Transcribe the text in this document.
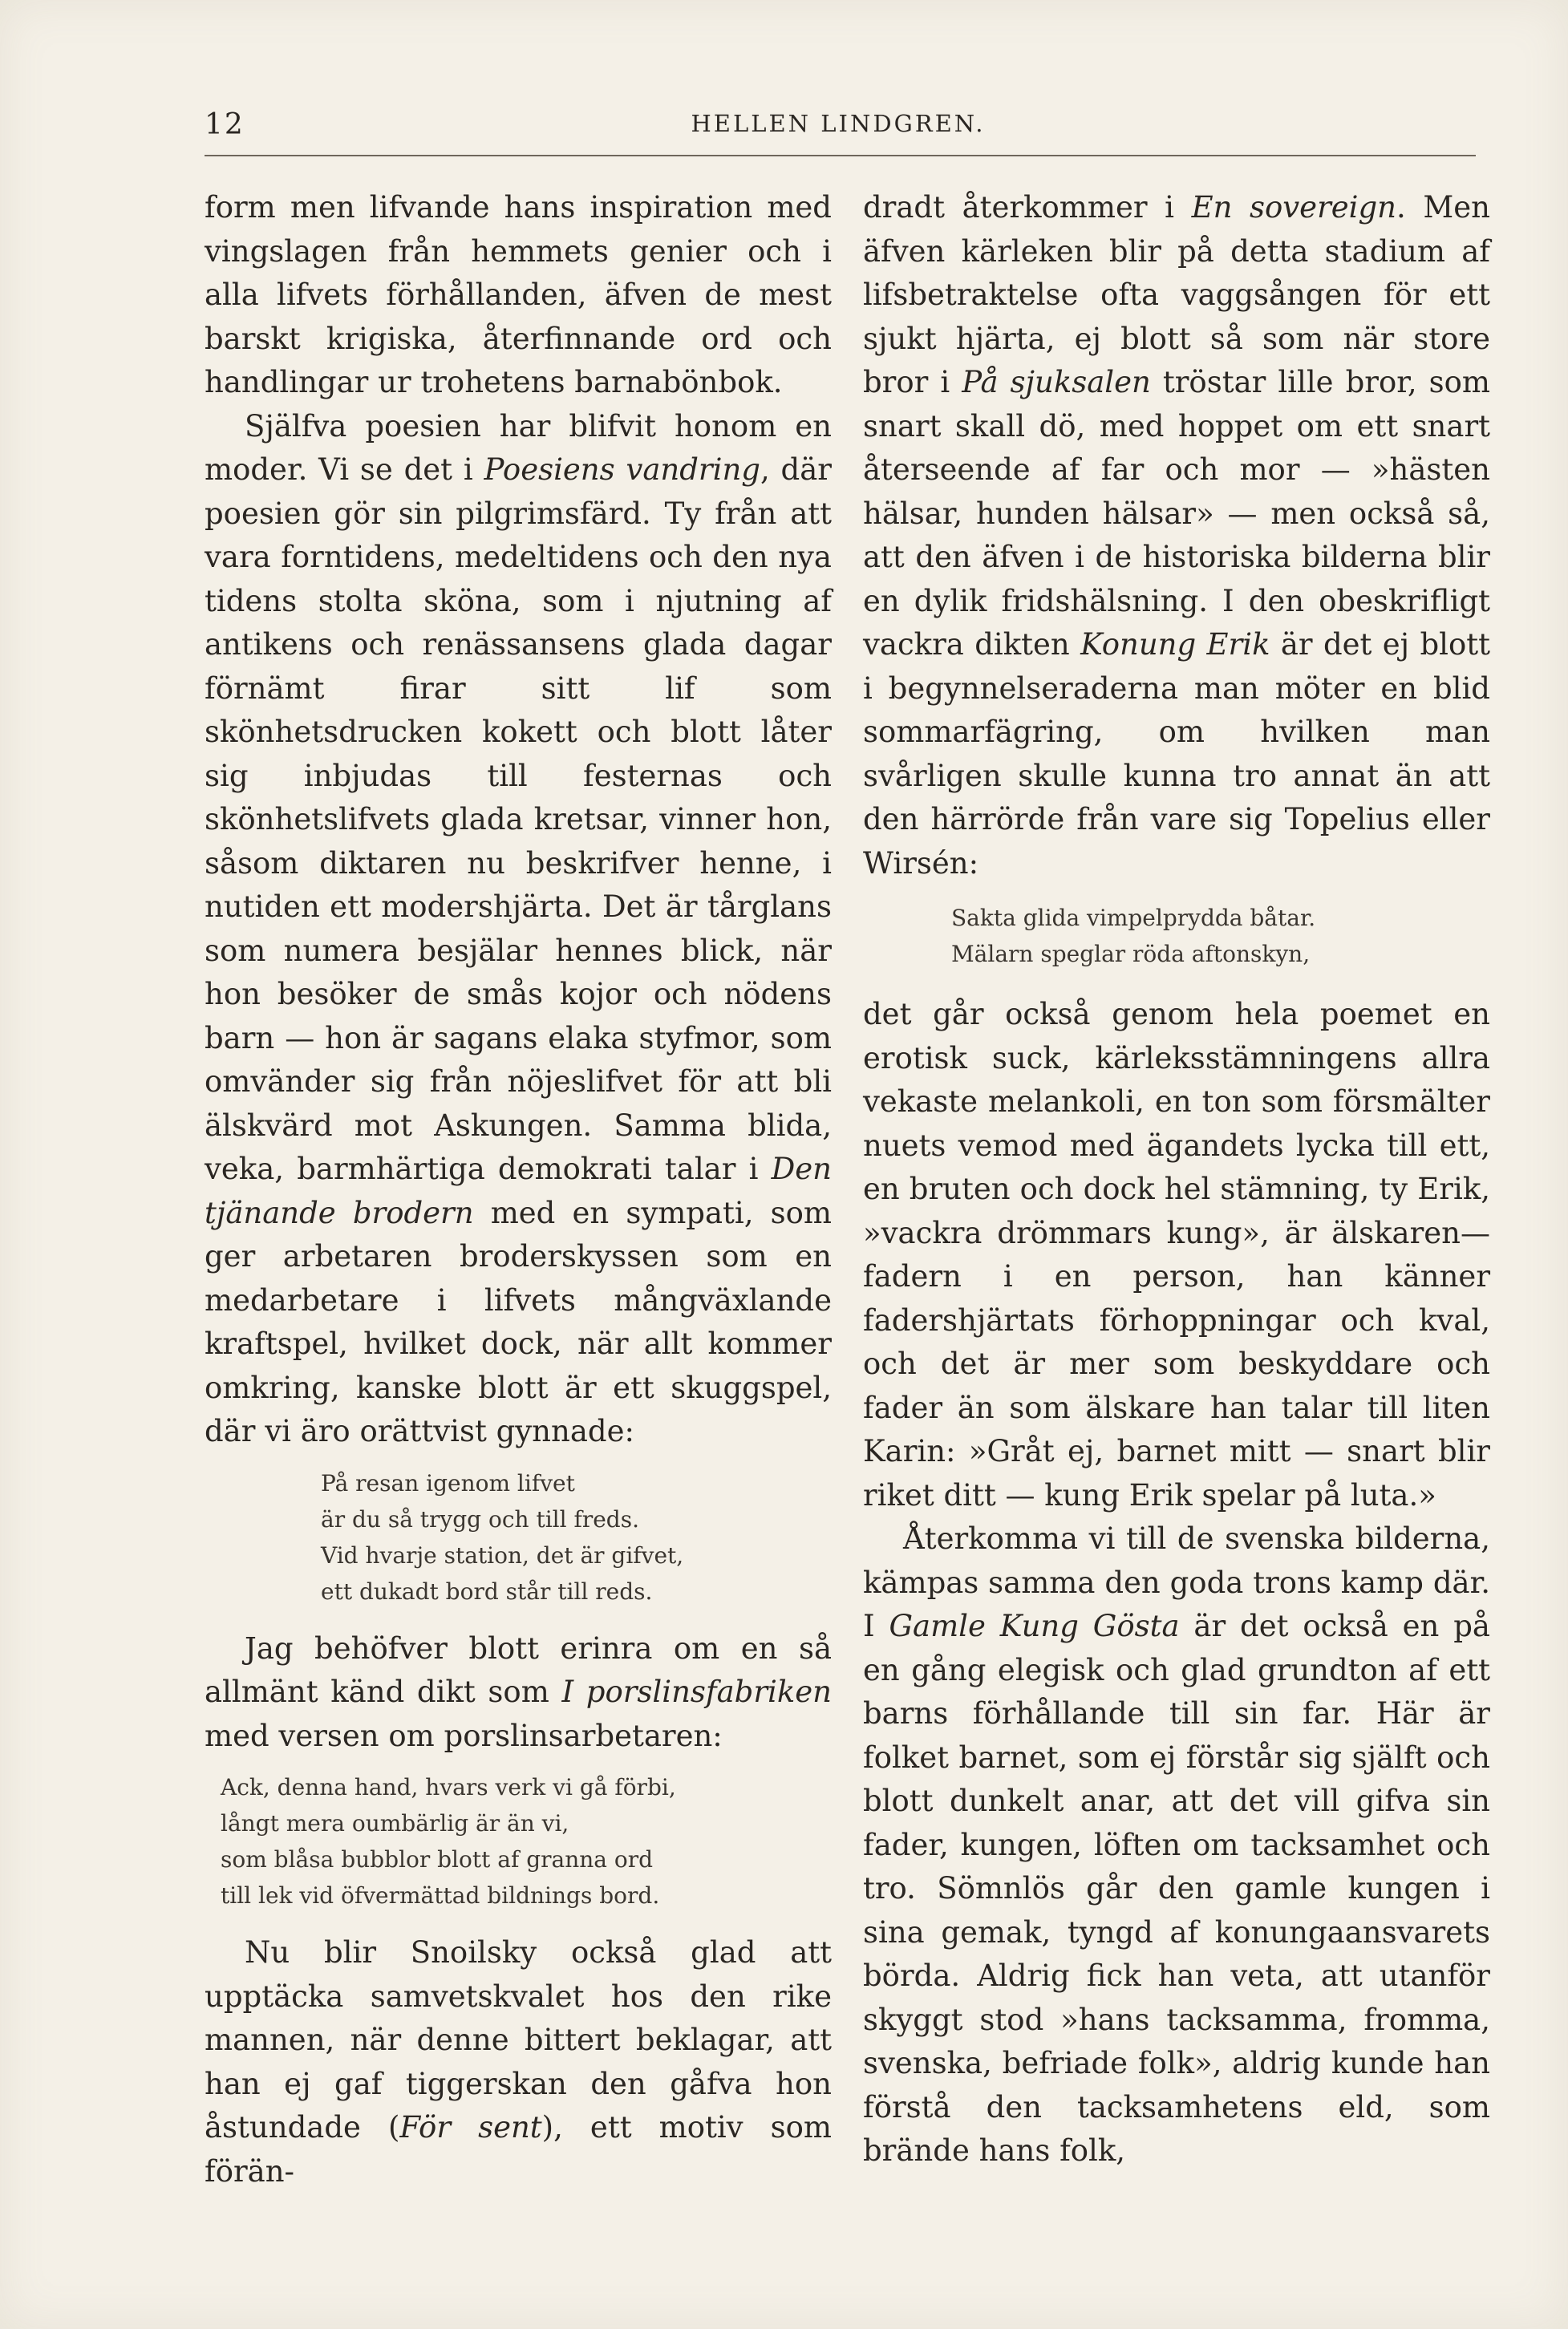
12	HELLEN LINDGREN.

form men lifvande hans inspiration med vingslagen från hemmets genier och i alla lifvets förhållanden, äfven de mest barskt krigiska, återfinnande ord och handlingar ur trohetens barnabönbok.

Själfva poesien har blifvit honom en moder. Vi se det i Poesiens vandring, där poesien gör sin pilgrimsfärd. Ty från att vara forntidens, medeltidens och den nya tidens stolta sköna, som i njutning af antikens och renässansens glada dagar förnämt firar sitt lif som skönhetsdrucken kokett och blott låter sig inbjudas till festernas och skönhetslifvets glada kretsar, vinner hon, såsom diktaren nu beskrifver henne, i nutiden ett modershjärta. Det är tårglans som numera besjälar hennes blick, när hon besöker de smås kojor och nödens barn — hon är sagans elaka styfmor, som omvänder sig från nöjeslifvet för att bli älskvärd mot Askungen. Samma blida, veka, barmhärtiga demokrati talar i Den tjänande brodern med en sympati, som ger arbetaren broderskyssen som en medarbetare i lifvets mångväxlande kraftspel, hvilket dock, när allt kommer omkring, kanske blott är ett skuggspel, där vi äro orättvist gynnade:

På resan igenom lifvet
är du så trygg och till freds.
Vid hvarje station, det är gifvet,
ett dukadt bord står till reds.

Jag behöfver blott erinra om en så allmänt känd dikt som I porslinsfabriken med versen om porslinsarbetaren:

Ack, denna hand, hvars verk vi gå förbi,
långt mera oumbärlig är än vi,
som blåsa bubblor blott af granna ord
till lek vid öfvermättad bildnings bord.

Nu blir Snoilsky också glad att upptäcka samvetskvalet hos den rike mannen, när denne bittert beklagar, att han ej gaf tiggerskan den gåfva hon åstundade (För sent), ett motiv som förän-

dradt återkommer i En sovereign. Men äfven kärleken blir på detta stadium af lifsbetraktelse ofta vaggsången för ett sjukt hjärta, ej blott så som när store bror i På sjuksalen tröstar lille bror, som snart skall dö, med hoppet om ett snart återseende af far och mor — »hästen hälsar, hunden hälsar» — men också så, att den äfven i de historiska bilderna blir en dylik fridshälsning. I den obeskrifligt vackra dikten Konung Erik är det ej blott i begynnelseraderna man möter en blid sommarfägring, om hvilken man svårligen skulle kunna tro annat än att den härrörde från vare sig Topelius eller Wirsén:

Sakta glida vimpelprydda båtar.
Mälarn speglar röda aftonskyn,

det går också genom hela poemet en erotisk suck, kärleksstämningens allra vekaste melankoli, en ton som försmälter nuets vemod med ägandets lycka till ett, en bruten och dock hel stämning, ty Erik, »vackra drömmars kung», är älskaren—fadern i en person, han känner fadershjärtats förhoppningar och kval, och det är mer som beskyddare och fader än som älskare han talar till liten Karin: »Gråt ej, barnet mitt — snart blir riket ditt — kung Erik spelar på luta.»

Återkomma vi till de svenska bilderna, kämpas samma den goda trons kamp där. I Gamle Kung Gösta är det också en på en gång elegisk och glad grundton af ett barns förhållande till sin far. Här är folket barnet, som ej förstår sig själft och blott dunkelt anar, att det vill gifva sin fader, kungen, löften om tacksamhet och tro. Sömnlös går den gamle kungen i sina gemak, tyngd af konungaansvarets börda. Aldrig fick han veta, att utanför skyggt stod »hans tacksamma, fromma, svenska, befriade folk», aldrig kunde han förstå den tacksamhetens eld, som brände hans folk,
